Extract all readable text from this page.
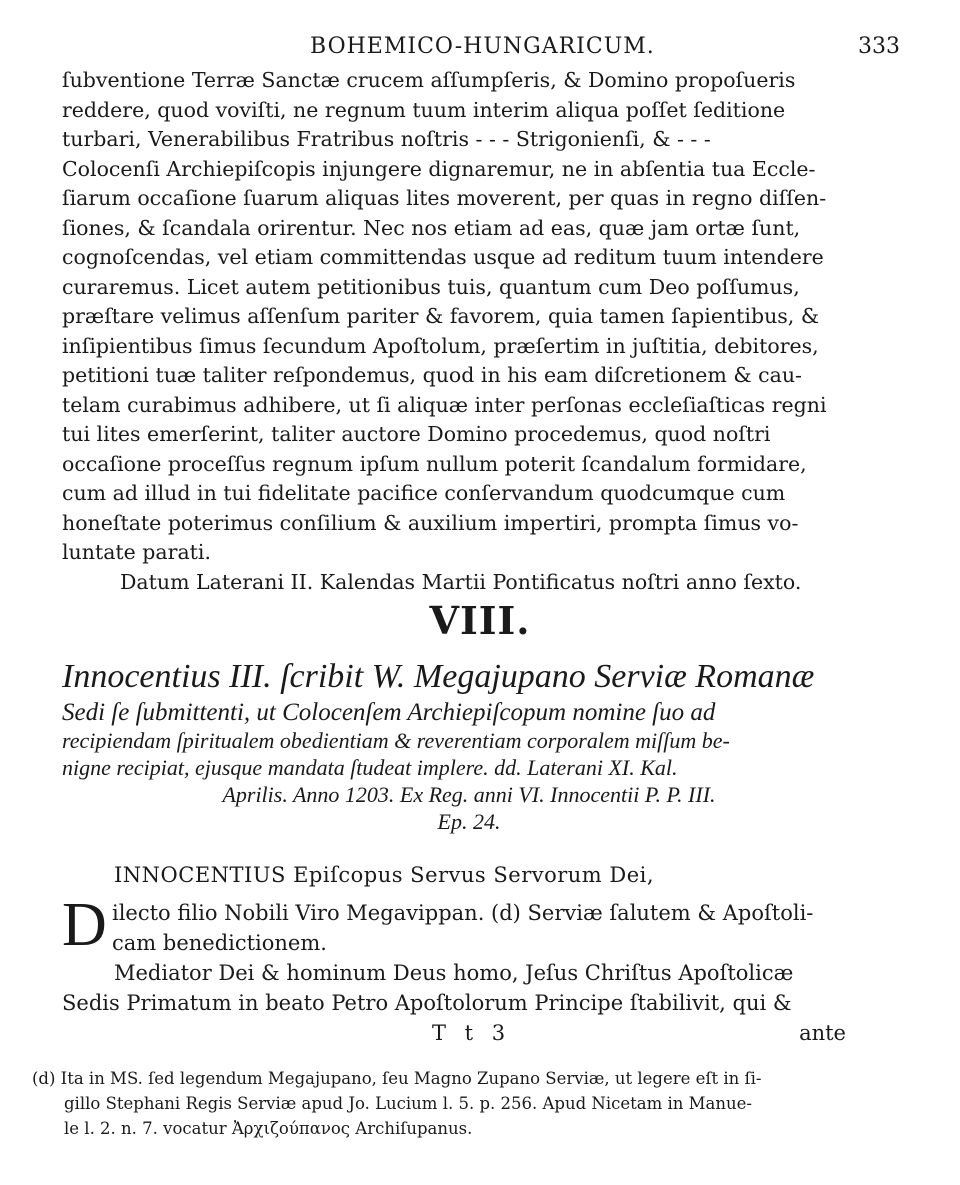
BOHEMICO-HUNGARICUM.	333

ſubventione Terræ Sanctæ crucem aſſumpſeris, & Domino propoſueris

reddere, quod voviſti, ne regnum tuum interim aliqua poſſet ſeditione

turbari, Venerabilibus Fratribus noſtris - - - Strigonienſi, & - - -

Colocenſi Archiepiſcopis injungere dignaremur, ne in abſentia tua Eccle-

ſiarum occaſione ſuarum aliquas lites moverent, per quas in regno diſſen-

ſiones, & ſcandala orirentur. Nec nos etiam ad eas, quæ jam ortæ ſunt,

cognoſcendas, vel etiam committendas usque ad reditum tuum intendere

curaremus. Licet autem petitionibus tuis, quantum cum Deo poſſumus,

præſtare velimus aſſenſum pariter & favorem, quia tamen ſapientibus, &

inſipientibus ſimus ſecundum Apoſtolum, præſertim in juſtitia, debitores,

petitioni tuæ taliter reſpondemus, quod in his eam diſcretionem & cau-

telam curabimus adhibere, ut ſi aliquæ inter perſonas eccleſiaſticas regni

tui lites emerſerint, taliter auctore Domino procedemus, quod noſtri

occaſione proceſſus regnum ipſum nullum poterit ſcandalum formidare,

cum ad illud in tui fidelitate pacifice conſervandum quodcumque cum

honeſtate poterimus conſilium & auxilium impertiri, prompta ſimus vo-

luntate parati.

Datum Laterani II. Kalendas Martii Pontificatus noſtri anno ſexto.

VIII.
Innocentius III. ſcribit W. Megajupano Serviæ Romanæ
Sedi ſe ſubmittenti, ut Colocenſem Archiepiſcopum nomine ſuo ad
recipiendam ſpiritualem obedientiam & reverentiam corporalem miſſum be-
nigne recipiat, ejusque mandata ſtudeat implere. dd. Laterani XI. Kal.
Aprilis. Anno 1203. Ex Reg. anni VI. Innocentii P. P. III.
Ep. 24.
INNOCENTIUS Epiſcopus Servus Servorum Dei,
D ilecto filio Nobili Viro Megavippan. (d) Serviæ ſalutem & Apoſtoli-
cam benedictionem.
Mediator Dei & hominum Deus homo, Jeſus Chriſtus Apoſtolicæ
Sedis Primatum in beato Petro Apoſtolorum Principe ſtabilivit, qui &
T t 3	ante
(d) Ita in MS. ſed legendum Megajupano, ſeu Magno Zupano Serviæ, ut legere eſt in ſi-
gillo Stephani Regis Serviæ apud Jo. Lucium l. 5. p. 256. Apud Nicetam in Manue-
le l. 2. n. 7. vocatur Ἀρχιζούπανος Archiſupanus.
